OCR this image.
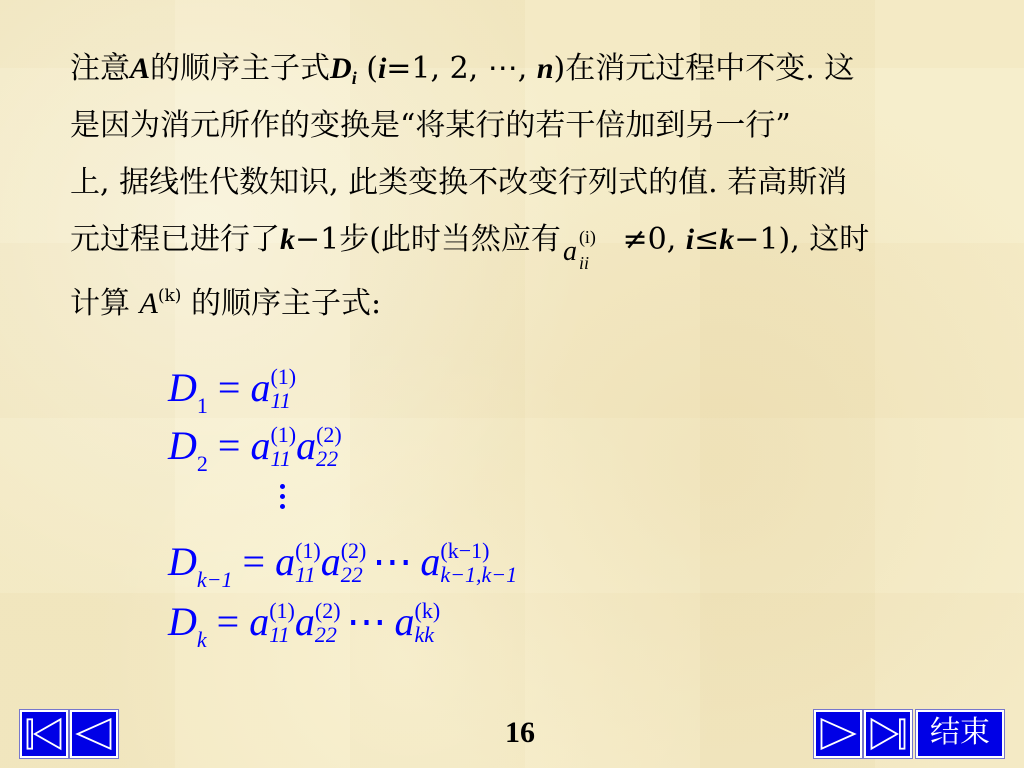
注意A的顺序主子式$D_i$ (i=1, 2, ⋯, n)在消元过程中不变. 这
是因为消元所作的变换是“将某行的若干倍加到另一行”
上, 据线性代数知识, 此类变换不改变行列式的值. 若高斯消
元过程已进行了k−1步(此时当然应有 a (i)
ii
≠0, i≤k−1), 这时
计算 $A^{(k)}$ 的顺序主子式:
$D_1 = a$ (1)
11
$D_2 = a$ (1)
11 a (2)
22
$D_{k-1} = a$ (1)
11 a (2)
22 ⋯ a (k−1)
k−1,k−1
$D_k = a$ (1)
11 a (2)
22 ⋯ a (k)
kk
16	结束
